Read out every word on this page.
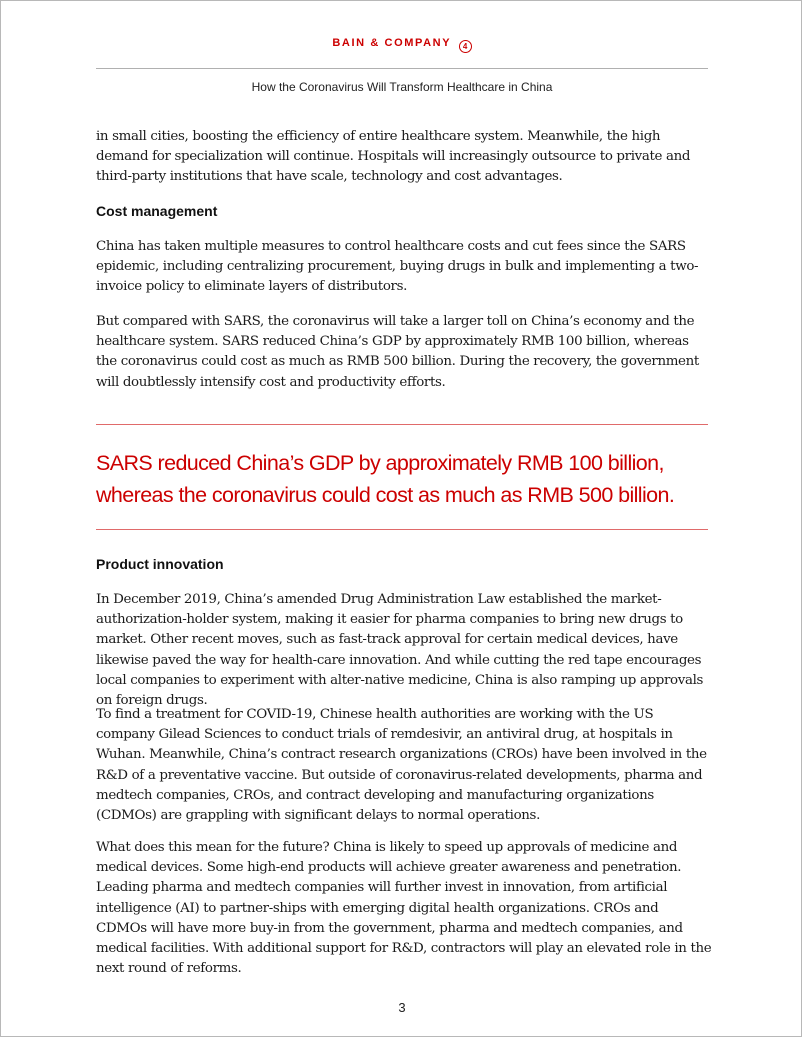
BAIN & COMPANY 4
How the Coronavirus Will Transform Healthcare in China

in small cities, boosting the efficiency of entire healthcare system. Meanwhile, the high demand for specialization will continue. Hospitals will increasingly outsource to private and third-party institutions that have scale, technology and cost advantages.

Cost management

China has taken multiple measures to control healthcare costs and cut fees since the SARS epidemic, including centralizing procurement, buying drugs in bulk and implementing a two-invoice policy to eliminate layers of distributors.

But compared with SARS, the coronavirus will take a larger toll on China’s economy and the healthcare system. SARS reduced China’s GDP by approximately RMB 100 billion, whereas the coronavirus could cost as much as RMB 500 billion. During the recovery, the government will doubtlessly intensify cost and productivity efforts.

SARS reduced China’s GDP by approximately RMB 100 billion, whereas the coronavirus could cost as much as RMB 500 billion.

Product innovation

In December 2019, China’s amended Drug Administration Law established the market-authorization-holder system, making it easier for pharma companies to bring new drugs to market. Other recent moves, such as fast-track approval for certain medical devices, have likewise paved the way for health-care innovation. And while cutting the red tape encourages local companies to experiment with alter-native medicine, China is also ramping up approvals on foreign drugs.

To find a treatment for COVID-19, Chinese health authorities are working with the US company Gilead Sciences to conduct trials of remdesivir, an antiviral drug, at hospitals in Wuhan. Meanwhile, China’s contract research organizations (CROs) have been involved in the R&D of a preventative vaccine. But outside of coronavirus-related developments, pharma and medtech companies, CROs, and contract developing and manufacturing organizations (CDMOs) are grappling with significant delays to normal operations.

What does this mean for the future? China is likely to speed up approvals of medicine and medical devices. Some high-end products will achieve greater awareness and penetration. Leading pharma and medtech companies will further invest in innovation, from artificial intelligence (AI) to partner-ships with emerging digital health organizations. CROs and CDMOs will have more buy-in from the government, pharma and medtech companies, and medical facilities. With additional support for R&D, contractors will play an elevated role in the next round of reforms.

3
